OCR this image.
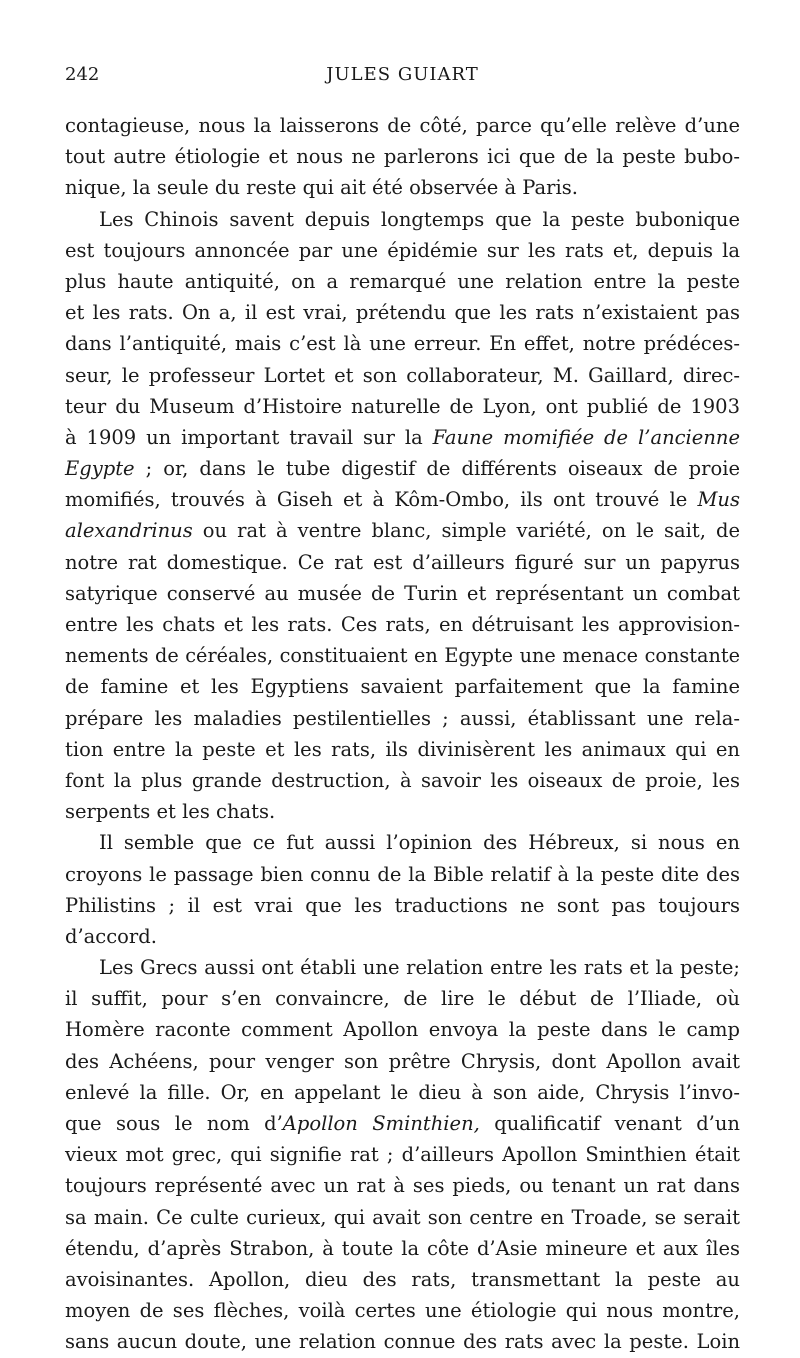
242	JULES GUIART
contagieuse, nous la laisserons de côté, parce qu’elle relève d’une
tout autre étiologie et nous ne parlerons ici que de la peste bubo-
nique, la seule du reste qui ait été observée à Paris.
Les Chinois savent depuis longtemps que la peste bubonique
est toujours annoncée par une épidémie sur les rats et, depuis la
plus haute antiquité, on a remarqué une relation entre la peste
et les rats. On a, il est vrai, prétendu que les rats n’existaient pas
dans l’antiquité, mais c’est là une erreur. En effet, notre prédéces-
seur, le professeur Lortet et son collaborateur, M. Gaillard, direc-
teur du Museum d’Histoire naturelle de Lyon, ont publié de 1903
à 1909 un important travail sur la Faune momifiée de l’ancienne
Egypte ; or, dans le tube digestif de différents oiseaux de proie
momifiés, trouvés à Giseh et à Kôm-Ombo, ils ont trouvé le Mus
alexandrinus ou rat à ventre blanc, simple variété, on le sait, de
notre rat domestique. Ce rat est d’ailleurs figuré sur un papyrus
satyrique conservé au musée de Turin et représentant un combat
entre les chats et les rats. Ces rats, en détruisant les approvision-
nements de céréales, constituaient en Egypte une menace constante
de famine et les Egyptiens savaient parfaitement que la famine
prépare les maladies pestilentielles ; aussi, établissant une rela-
tion entre la peste et les rats, ils divinisèrent les animaux qui en
font la plus grande destruction, à savoir les oiseaux de proie, les
serpents et les chats.
Il semble que ce fut aussi l’opinion des Hébreux, si nous en
croyons le passage bien connu de la Bible relatif à la peste dite des
Philistins ; il est vrai que les traductions ne sont pas toujours
d’accord.
Les Grecs aussi ont établi une relation entre les rats et la peste;
il suffit, pour s’en convaincre, de lire le début de l’Iliade, où
Homère raconte comment Apollon envoya la peste dans le camp
des Achéens, pour venger son prêtre Chrysis, dont Apollon avait
enlevé la fille. Or, en appelant le dieu à son aide, Chrysis l’invo-
que sous le nom d’Apollon Sminthien, qualificatif venant d’un
vieux mot grec, qui signifie rat ; d’ailleurs Apollon Sminthien était
toujours représenté avec un rat à ses pieds, ou tenant un rat dans
sa main. Ce culte curieux, qui avait son centre en Troade, se serait
étendu, d’après Strabon, à toute la côte d’Asie mineure et aux îles
avoisinantes. Apollon, dieu des rats, transmettant la peste au
moyen de ses flèches, voilà certes une étiologie qui nous montre,
sans aucun doute, une relation connue des rats avec la peste. Loin
